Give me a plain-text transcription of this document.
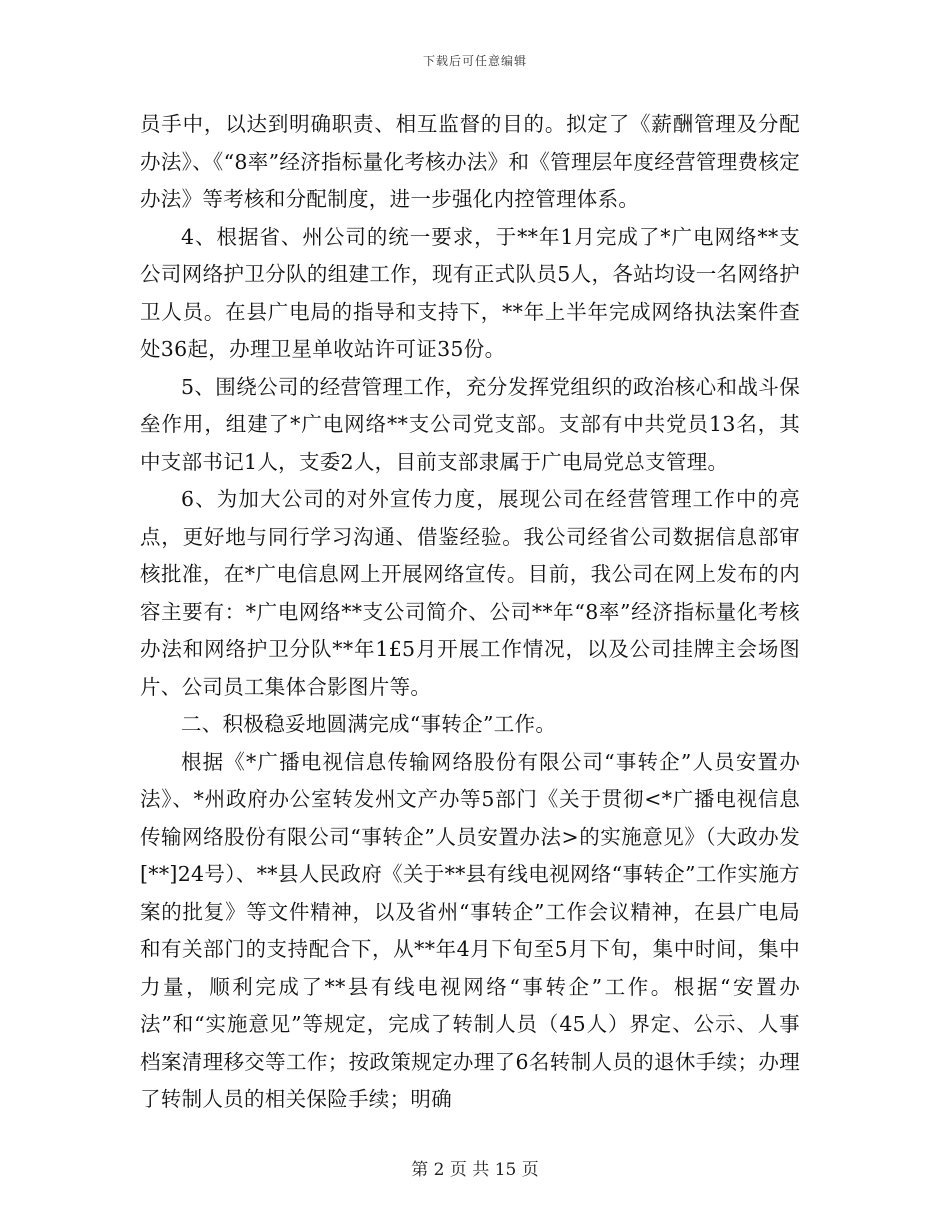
下载后可任意编辑

员手中，以达到明确职责、相互监督的目的。拟定了《薪酬管理及分配办法》、《“8率”经济指标量化考核办法》和《管理层年度经营管理费核定办法》等考核和分配制度，进一步强化内控管理体系。

4、根据省、州公司的统一要求，于**年1月完成了*广电网络**支公司网络护卫分队的组建工作，现有正式队员5人，各站均设一名网络护卫人员。在县广电局的指导和支持下，**年上半年完成网络执法案件查处36起，办理卫星单收站许可证35份。

5、围绕公司的经营管理工作，充分发挥党组织的政治核心和战斗保垒作用，组建了*广电网络**支公司党支部。支部有中共党员13名，其中支部书记1人，支委2人，目前支部隶属于广电局党总支管理。

6、为加大公司的对外宣传力度，展现公司在经营管理工作中的亮点，更好地与同行学习沟通、借鉴经验。我公司经省公司数据信息部审核批准，在*广电信息网上开展网络宣传。目前，我公司在网上发布的内容主要有：*广电网络**支公司简介、公司**年“8率”经济指标量化考核办法和网络护卫分队**年1£5月开展工作情况，以及公司挂牌主会场图片、公司员工集体合影图片等。

二、积极稳妥地圆满完成“事转企”工作。

根据《*广播电视信息传输网络股份有限公司“事转企”人员安置办法》、*州政府办公室转发州文产办等5部门《关于贯彻<*广播电视信息传输网络股份有限公司“事转企”人员安置办法>的实施意见》（大政办发[**]24号）、**县人民政府《关于**县有线电视网络“事转企”工作实施方案的批复》等文件精神，以及省州“事转企”工作会议精神，在县广电局和有关部门的支持配合下，从**年4月下旬至5月下旬，集中时间，集中力量，顺利完成了**县有线电视网络“事转企”工作。根据“安置办法”和“实施意见”等规定，完成了转制人员（45人）界定、公示、人事档案清理移交等工作；按政策规定办理了6名转制人员的退休手续；办理了转制人员的相关保险手续；明确

第 2 页 共 15 页
